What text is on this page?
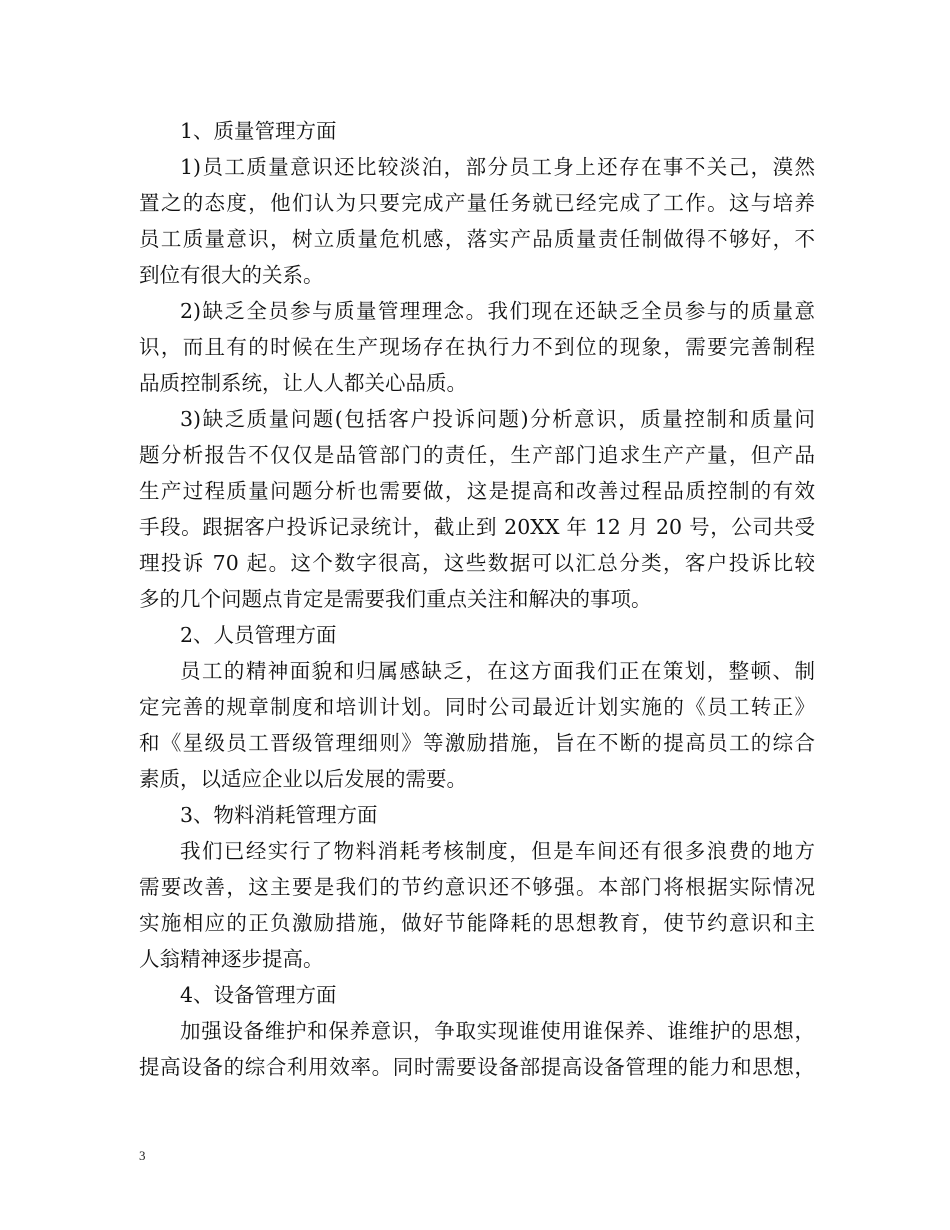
1、质量管理方面
1)员工质量意识还比较淡泊，部分员工身上还存在事不关己，漠然
置之的态度，他们认为只要完成产量任务就已经完成了工作。这与培养
员工质量意识，树立质量危机感，落实产品质量责任制做得不够好，不
到位有很大的关系。
2)缺乏全员参与质量管理理念。我们现在还缺乏全员参与的质量意
识，而且有的时候在生产现场存在执行力不到位的现象，需要完善制程
品质控制系统，让人人都关心品质。
3)缺乏质量问题(包括客户投诉问题)分析意识，质量控制和质量问
题分析报告不仅仅是品管部门的责任，生产部门追求生产产量，但产品
生产过程质量问题分析也需要做，这是提高和改善过程品质控制的有效
手段。跟据客户投诉记录统计，截止到 20XX 年 12 月 20 号，公司共受
理投诉 70 起。这个数字很高，这些数据可以汇总分类，客户投诉比较
多的几个问题点肯定是需要我们重点关注和解决的事项。
2、人员管理方面
员工的精神面貌和归属感缺乏，在这方面我们正在策划，整顿、制
定完善的规章制度和培训计划。同时公司最近计划实施的《员工转正》
和《星级员工晋级管理细则》等激励措施，旨在不断的提高员工的综合
素质，以适应企业以后发展的需要。
3、物料消耗管理方面
我们已经实行了物料消耗考核制度，但是车间还有很多浪费的地方
需要改善，这主要是我们的节约意识还不够强。本部门将根据实际情况
实施相应的正负激励措施，做好节能降耗的思想教育，使节约意识和主
人翁精神逐步提高。
4、设备管理方面
加强设备维护和保养意识，争取实现谁使用谁保养、谁维护的思想，
提高设备的综合利用效率。同时需要设备部提高设备管理的能力和思想，
3
